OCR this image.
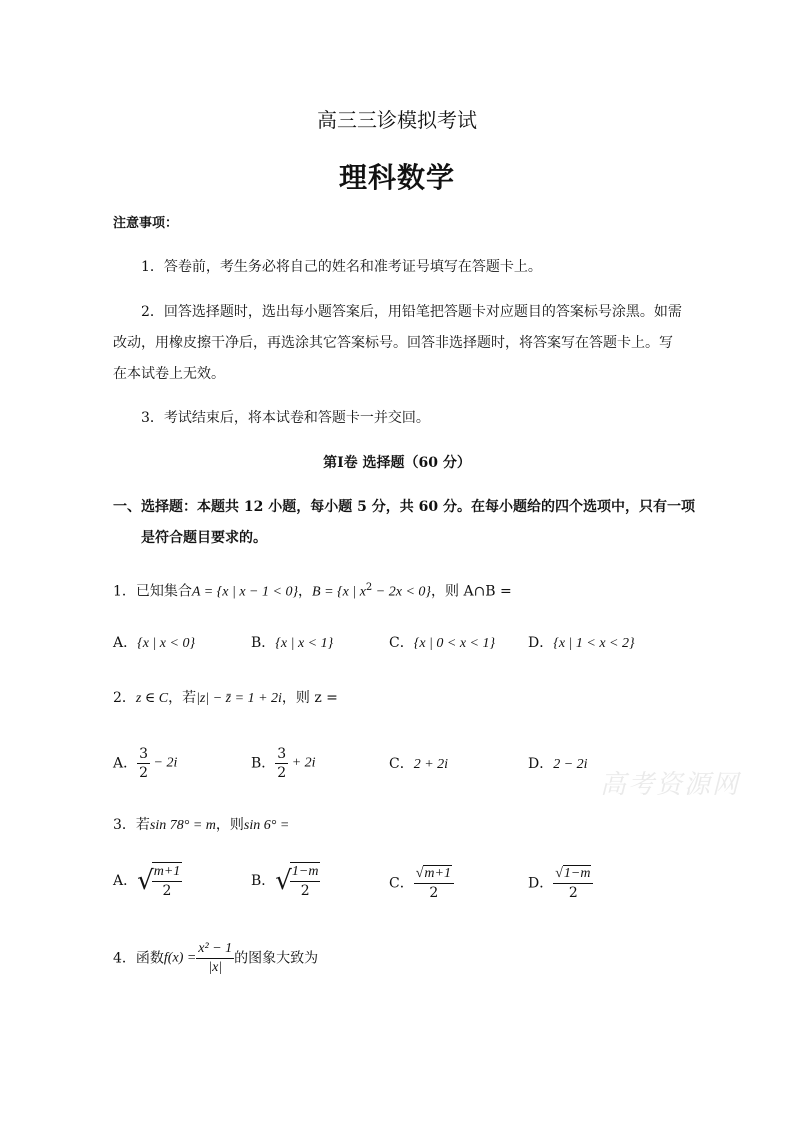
高三三诊模拟考试
理科数学
注意事项：
1．答卷前，考生务必将自己的姓名和准考证号填写在答题卡上。
2．回答选择题时，选出每小题答案后，用铅笔把答题卡对应题目的答案标号涂黑。如需
改动，用橡皮擦干净后，再选涂其它答案标号。回答非选择题时，将答案写在答题卡上。写
在本试卷上无效。
3．考试结束后，将本试卷和答题卡一并交回。
第Ⅰ卷 选择题（60 分）
一、选择题：本题共 12 小题，每小题 5 分，共 60 分。在每小题给的四个选项中，只有一项
是符合题目要求的。
1．已知集合A = {x | x − 1 < 0}，B = {x | $x^2 - 2x < 0$}，则 A∩B =
A．{x | x < 0}	B．{x | x < 1}	C．{x | 0 < x < 1} D．{x | 1 < x < 2}
2．z ∈ C，若|z| − z̄ = 1 + 2i，则 z =
A． $\frac{3}{2} - 2i$	B． $\frac{3}{2} + 2i$	C．2 + 2i	D．2 − 2i
高考资源网
3．若sin 78° = m，则sin 6° =
A．√
$\frac{m+1}{2}$	B．√
$\frac{1-m}{2}$	C． $\frac{√m+1}{2}$	D． $\frac{√1-m}{2}$
4．函数$f(x) = \frac{\text{x² − 1}}{|x|}$ 的图象大致为
